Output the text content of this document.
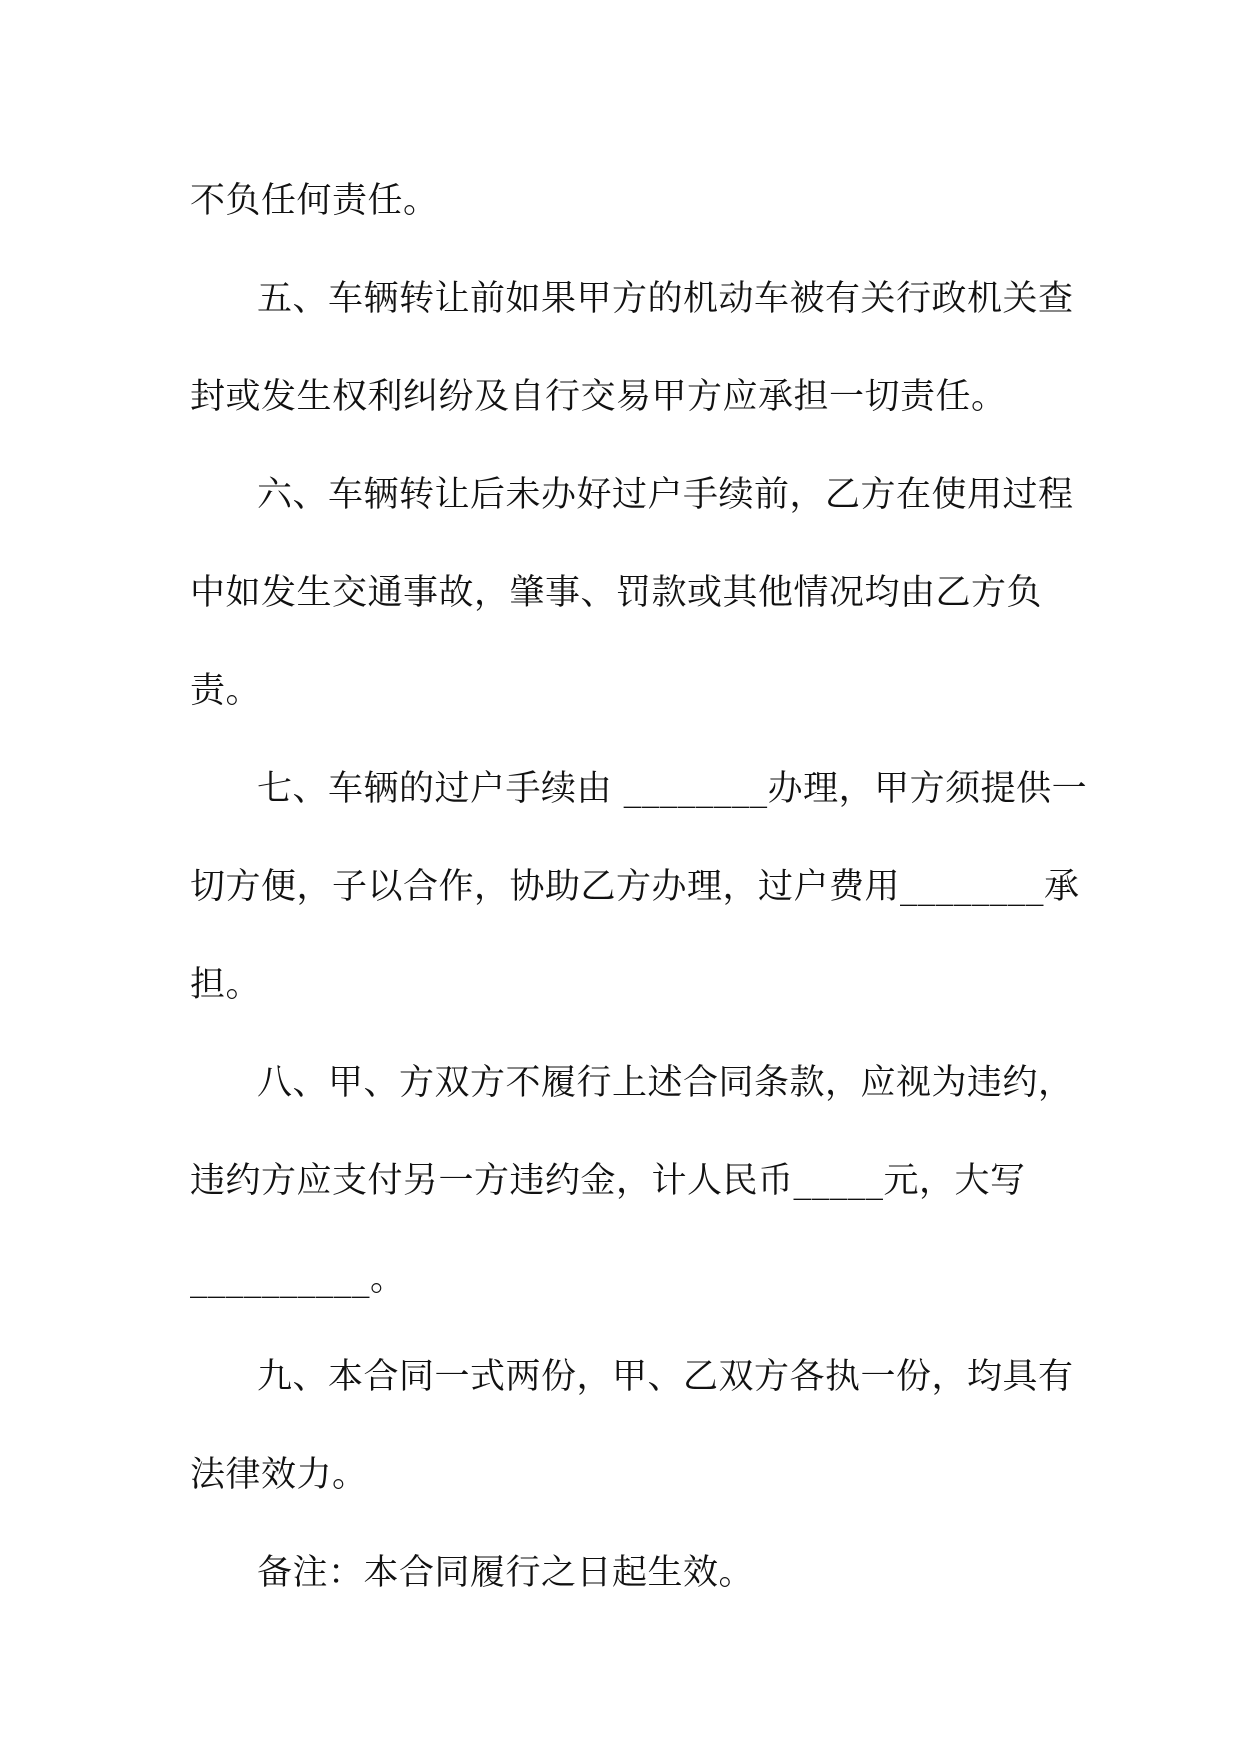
不负任何责任。
五、车辆转让前如果甲方的机动车被有关行政机关查
封或发生权利纠纷及自行交易甲方应承担一切责任。
六、车辆转让后未办好过户手续前，乙方在使用过程
中如发生交通事故，肇事、罚款或其他情况均由乙方负
责。
七、车辆的过户手续由 ________办理，甲方须提供一
切方便，子以合作，协助乙方办理，过户费用________承
担。
八、甲、方双方不履行上述合同条款，应视为违约，
违约方应支付另一方违约金，计人民币_____元，大写
__________。
九、本合同一式两份，甲、乙双方各执一份，均具有
法律效力。
备注：本合同履行之日起生效。
